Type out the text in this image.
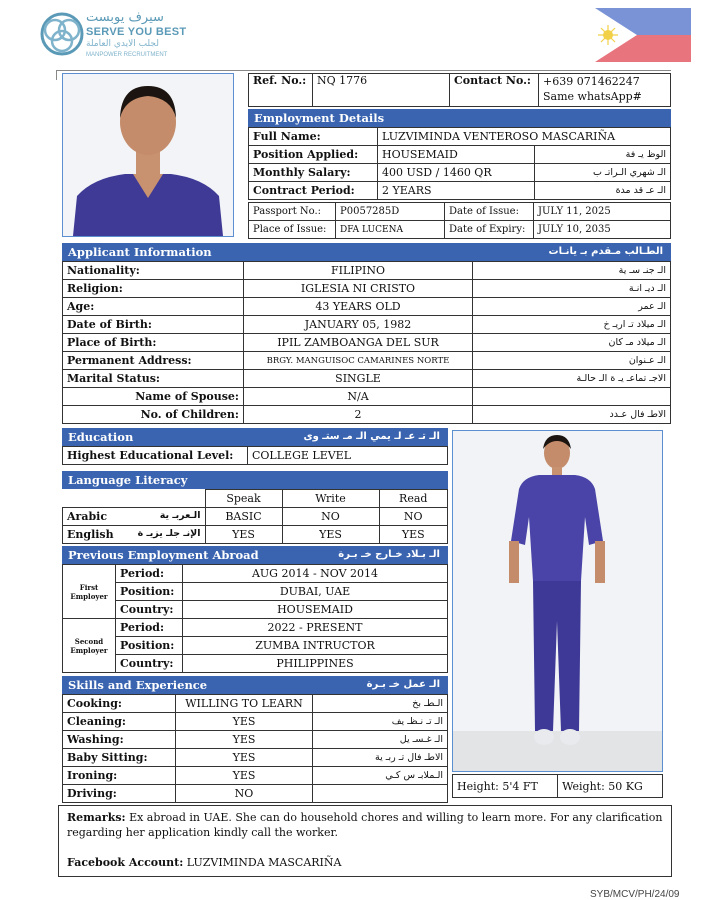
سيرف يوبست
SERVE YOU BEST
لجلب الايدي العاملة
MANPOWER RECRUITMENT
Ref. No.:	NQ 1776	Contact No.:	+639 071462247
Same whatsApp#
Employment Details
Full Name:	LUZVIMINDA VENTEROSO MASCARIÑA	
Position Applied:	HOUSEMAID	الوظ يـ فة
Monthly Salary:	400 USD / 1460 QR	الـ شهري الـراتـ ب
Contract Period:	2 YEARS	الـ عـ قد مدة
Passport No.:	P0057285D	Date of Issue:	JULY 11, 2025
Place of Issue:	DFA LUCENA	Date of Expiry:	JULY 10, 2035
Applicant Information	الطـالب مـقدم بـ يانـات
Nationality:	FILIPINO	الـ جنـ سـ ية
Religion:	IGLESIA NI CRISTO	الـ ديـ انـة
Age:	43 YEARS OLD	الـ عمر
Date of Birth:	JANUARY 05, 1982	الـ ميلاد تـ اريـ خ
Place of Birth:	IPIL ZAMBOANGA DEL SUR	الـ ميلاد مـ كان
Permanent Address:	BRGY. MANGUISOC CAMARINES NORTE	الـ عـنوان
Marital Status:	SINGLE	الاجـ تماعـ يـ ة الـ حالـة
Name of Spouse:	N/A	
No. of Children:	2	الاطـ فال عـدد
Education	الـ تـ عـ لـ يمي الـ مـ ستـ وى
Highest Educational Level:	COLLEGE LEVEL
Language Literacy
	Speak	Write	Read
Arabic الـعربـ ية	BASIC	NO	NO
English الإنـ جلـ يزيـ ة	YES	YES	YES
Previous Employment Abroad	الـ بـلاد خـارج خـ بـرة
First Employer	Period:	AUG 2014 - NOV 2014
	Position:	DUBAI, UAE
	Country:	HOUSEMAID
Second Employer	Period:	2022 - PRESENT
	Position:	ZUMBA INTRUCTOR
	Country:	PHILIPPINES
Skills and Experience	الـ عمل خـ بـرة
Cooking:	WILLING TO LEARN	الـطـ بخ
Cleaning:	YES	الـ تـ نـظـ يف
Washing:	YES	الـ غـسـ يل
Baby Sitting:	YES	الاطـ فال تـ ربـ ية
Ironing:	YES	الـملابـ س كـي
Driving:	NO	
Height: 5'4 FT	Weight: 50 KG
Remarks: Ex abroad in UAE. She can do household chores and willing to learn more. For any clarification regarding her application kindly call the worker.
Facebook Account: LUZVIMINDA MASCARIÑA
SYB/MCV/PH/24/09
